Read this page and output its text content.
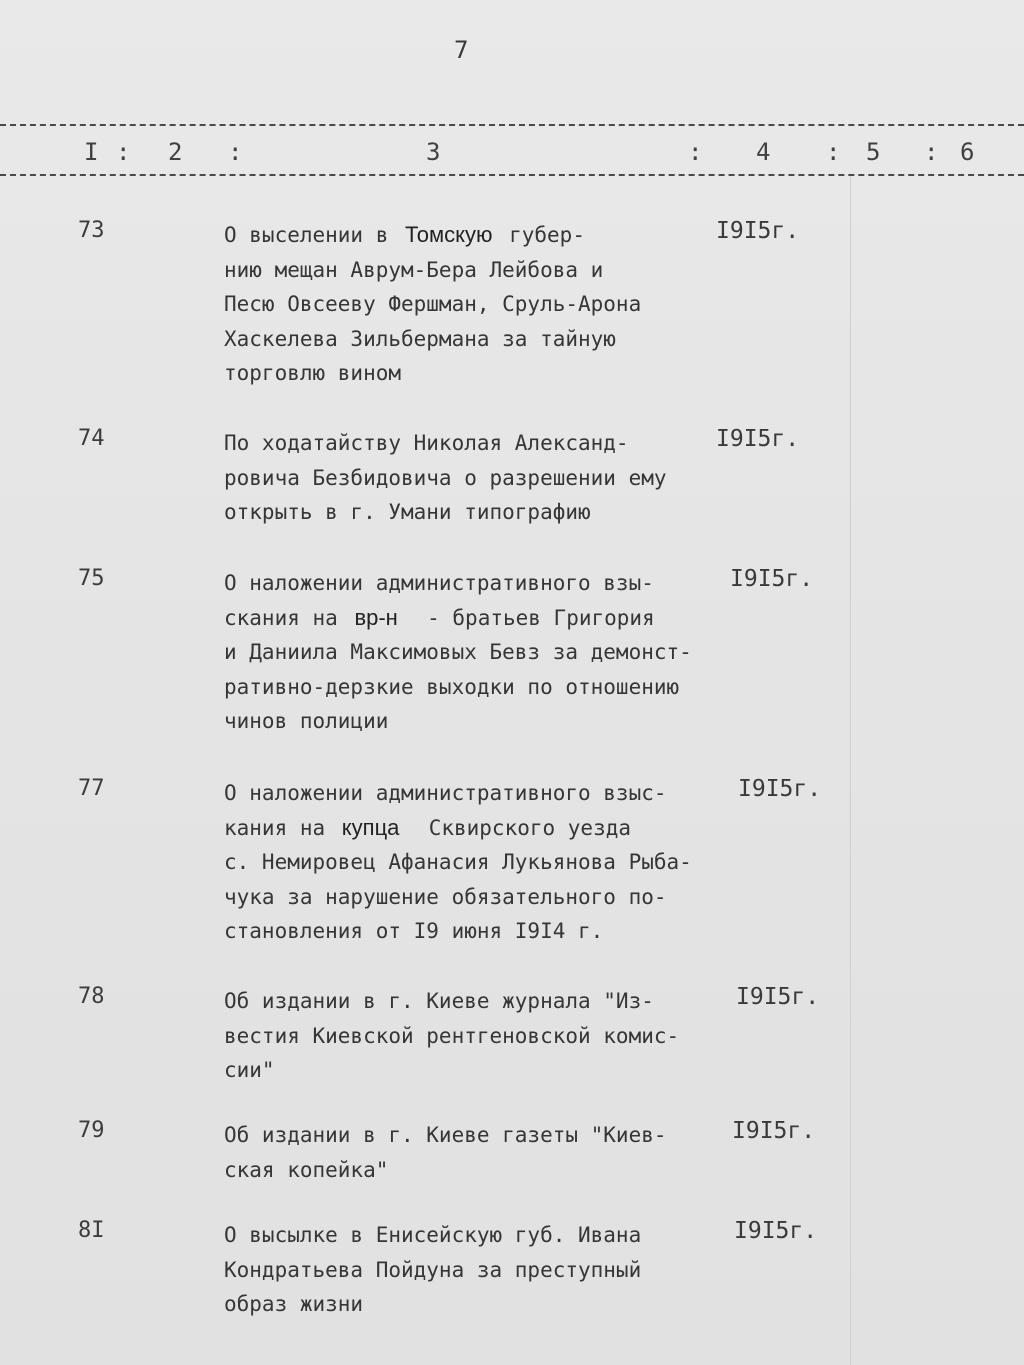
7
I : 2 :	3	: 4 : 5 : 6
73	О выселении в Томскую губер-
нию мещан Аврум-Бера Лейбова и
Песю Овсееву Фершман, Сруль-Арона
Хаскелева Зильбермана за тайную
торговлю вином
I9I5г.
74	По ходатайству Николая Александ-
ровича Безбидовича о разрешении ему
открыть в г. Умани типографию
I9I5г.
75	О наложении административного взы-
скания на вр-н  - братьев Григория
и Даниила Максимовых Бевз за демонст-
ративно-дерзкие выходки по отношению
чинов полиции
I9I5г.
77	О наложении административного взыс-
кания на купца  Сквирского уезда
с. Немировец Афанасия Лукьянова Рыба-
чука за нарушение обязательного по-
становления от I9 июня I9I4 г.
I9I5г.
78	Об издании в г. Киеве журнала "Из-
вестия Киевской рентгеновской комис-
сии"
I9I5г.
79	Об издании в г. Киеве газеты "Киев-
ская копейка"
I9I5г.
8I	О высылке в Енисейскую губ. Ивана
Кондратьева Пойдуна за преступный
образ жизни
I9I5г.
